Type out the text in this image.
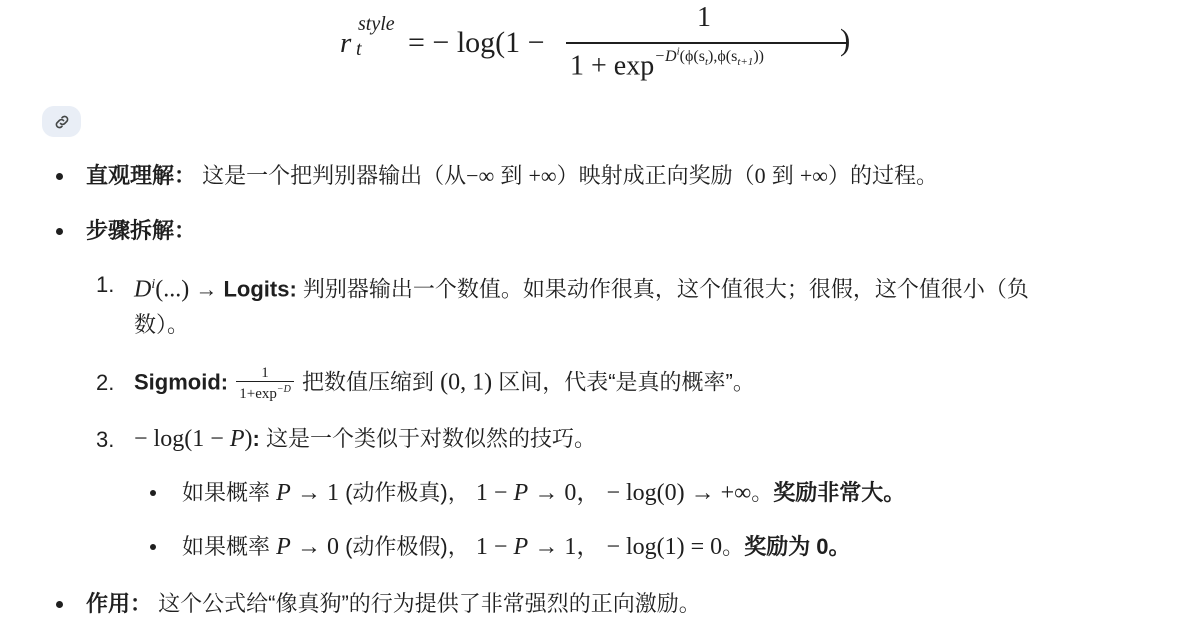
r
style
t = − log(1 −
1
$1 + \exp^{-D^i(\phi(s_t),\phi(s_{t+1}))}$ )
直观理解： 这是一个把判别器输出（从−∞ 到 +∞）映射成正向奖励（0 到 +∞）的过程。
步骤拆解：
1. $D^i(...)$ → Logits: 判别器输出一个数值。如果动作很真，这个值很大；很假，这个值很小（负
数）。
2. Sigmoid: $\frac{1}{1+\exp^{-D}}$ 把数值压缩到 (0, 1) 区间，代表“是真的概率”。
3. − log(1 − P): 这是一个类似于对数似然的技巧。
如果概率 P → 1 (动作极真)， 1 − P → 0， − log(0) → +∞。奖励非常大。
如果概率 P → 0 (动作极假)， 1 − P → 1， − log(1) = 0。奖励为 0。
作用： 这个公式给“像真狗”的行为提供了非常强烈的正向激励。
